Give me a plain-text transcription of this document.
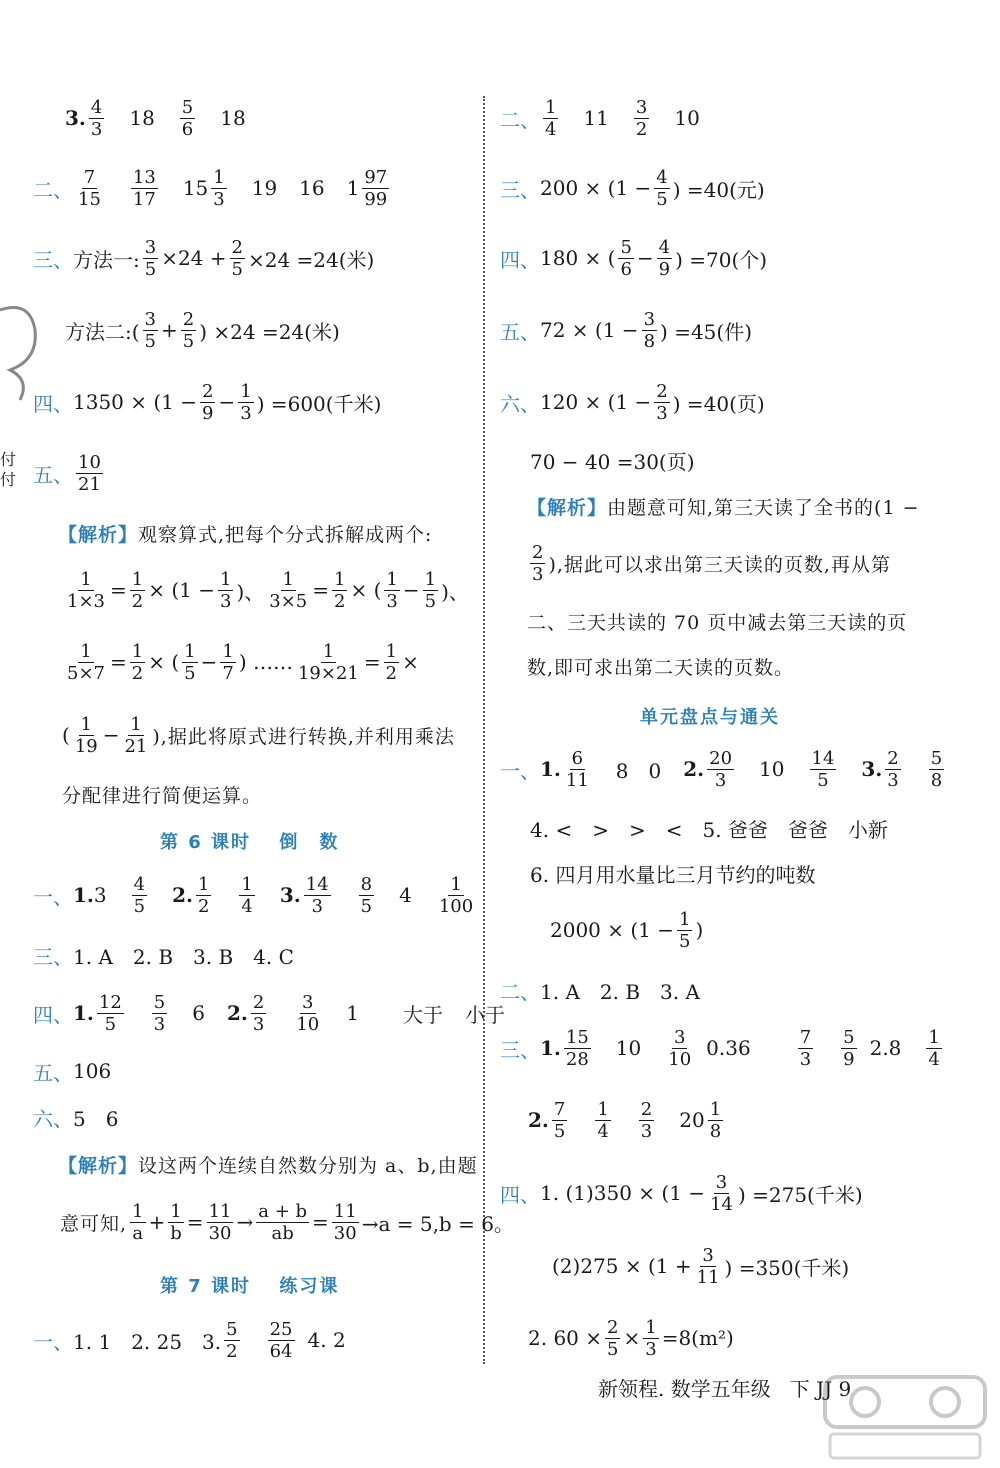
付
付
3. $\frac{4}{3} 18 \frac{5}{6} 18$
二、 $\frac{7}{15} \frac{13}{17} 15 \frac{1}{3} 19$ 16 $1 \frac{97}{99}$
三、 方法一: $\frac{3}{5} \times 24 + \frac{2}{5} \times 24 =24$(米)
方法二:( $\frac{3}{5} + \frac{2}{5}$ ) ×24 =24(米)
四、 $1350 \times (1 - \frac{2}{9} - \frac{1}{3}$ ) =600(千米)
五、 $\frac{10}{21}$
【解析】 观察算式,把每个分式拆解成两个:
$\frac{1}{1\times 3} = \frac{1}{2} \times (1 - \frac{1}{3}$ )、 $\frac{1}{3\times 5} = \frac{1}{2}$ × ( $\frac{1}{3} - \frac{1}{5}$ )、
$\frac{1}{5\times 7} = \frac{1}{2}$ × ( $\frac{1}{5} - \frac{1}{7}$ ) …… $\frac{1}{19\times 21} = \frac{1}{2}$ ×
( $\frac{1}{19} - \frac{1}{21}$ ),据此将原式进行转换,并利用乘法
分配律进行简便运算。
第 6 课时　 倒　数
一、 1. $3 \frac{4}{5} 2$. $\frac{1}{2} \frac{1}{4} 3$. $\frac{14}{3} \frac{8}{5} 4 \frac{1}{100}$
三、 1. A　2. B　3. B　4. C
四、 1. $\frac{12}{5} \frac{5}{3} 6$ 2. $\frac{2}{3} \frac{3}{10} 1$ 大于 小于
五、 106
六、 5　6
【解析】 设这两个连续自然数分别为 a、b,由题
意可知, $\frac{1}{a} + \frac{1}{b} = \frac{11}{30} \to \frac{a + b}{ab} = \frac{11}{30} \to a = 5,b = 6$。
第 7 课时　 练习课
一、 1. 1　2. 25　3. $\frac{5}{2} \frac{25}{64} 4$. 2
二、 $\frac{1}{4} 11 \frac{3}{2} 10$
三、 $200 \times (1 - \frac{4}{5}$ ) =40(元)
四、 180 × ( $\frac{5}{6} - \frac{4}{9}$ ) =70(个)
五、 $72 \times (1 - \frac{3}{8}$ ) =45(件)
六、 $120 \times (1 - \frac{2}{3}$ ) =40(页)
70 − 40 =30(页)
【解析】 由题意可知,第三天读了全书的(1 −
$\frac{2}{3}$ ),据此可以求出第三天读的页数,再从第
二、三天共读的 70 页中减去第三天读的页
数,即可求出第二天读的页数。
单元盘点与通关
一、 1. $\frac{6}{11} 8$　0 2. $\frac{20}{3} 10 \frac{14}{5} 3$. $\frac{2}{3} \frac{5}{8}$
4. <　>　>　<　5. 爸爸　爸爸　小新
6. 四月用水量比三月节约的吨数
$2000 \times (1 - \frac{1}{5}$ )
二、 1. A　2. B　3. A
三、 1. $\frac{15}{28} 10 \frac{3}{10} 0.36$	$\frac{7}{3} \frac{5}{9} 2.8 \frac{1}{4}$
2. $\frac{7}{5} \frac{1}{4} \frac{2}{3} 20 \frac{1}{8}$
四、 1. $(1)350 \times (1 - \frac{3}{14}$ ) =275(千米)
$(2)275 \times (1 + \frac{3}{11}$ ) =350(千米)
2. $60 \times \frac{2}{5} \times \frac{1}{3} =8(m^2)$
新领程. 数学五年级 下 JJ 9
